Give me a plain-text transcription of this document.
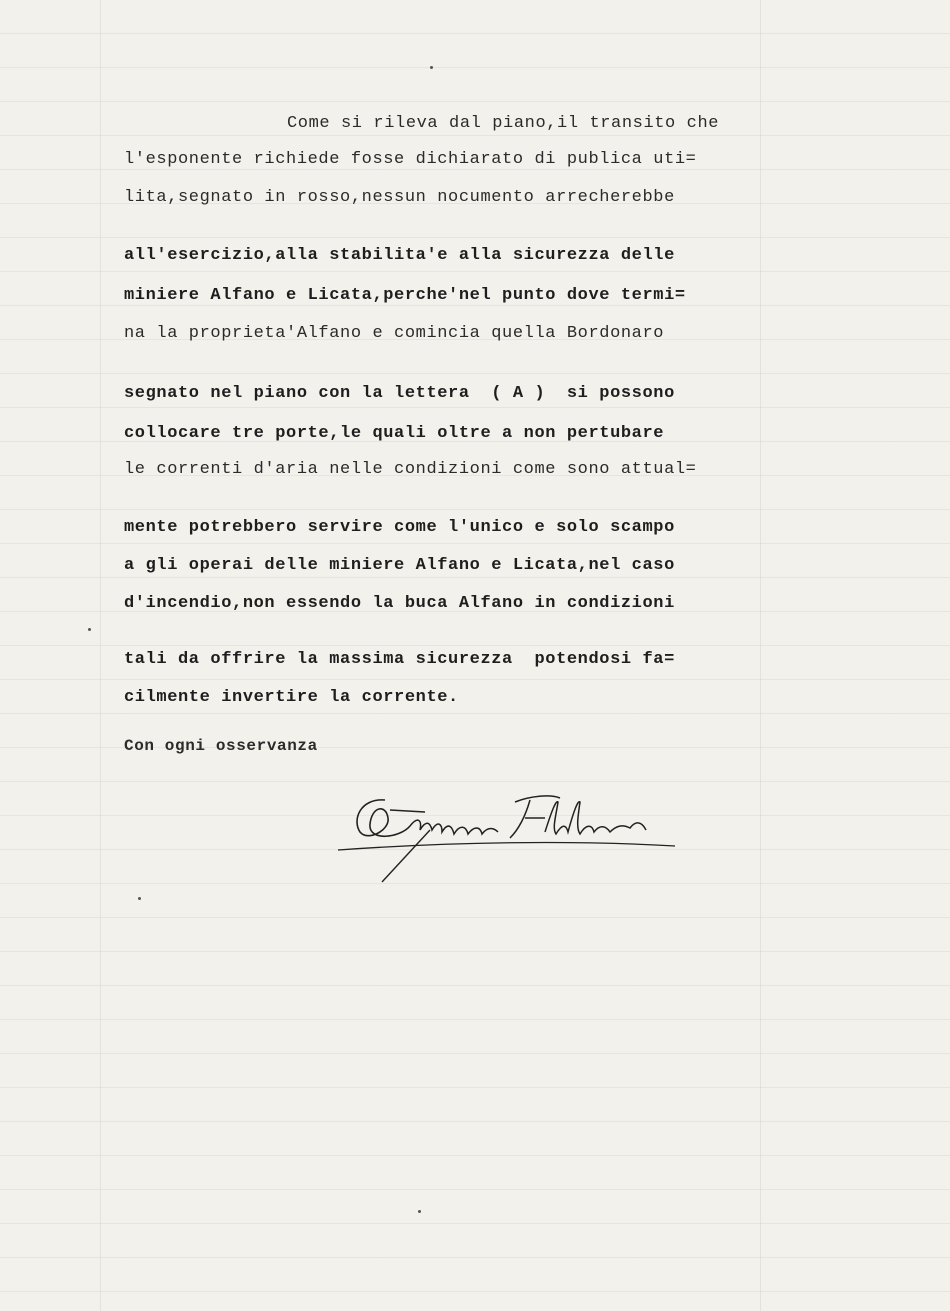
Come si rileva dal piano,il transito che
l'esponente richiede fosse dichiarato di publica uti=
lita,segnato in rosso,nessun nocumento arrecherebbe
all'esercizio,alla stabilita'e alla sicurezza delle
miniere Alfano e Licata,perche'nel punto dove termi=
na la proprieta'Alfano e comincia quella Bordonaro
segnato nel piano con la lettera  ( A )  si possono
collocare tre porte,le quali oltre a non pertubare
le correnti d'aria nelle condizioni come sono attual=
mente potrebbero servire come l'unico e solo scampo
a gli operai delle miniere Alfano e Licata,nel caso
d'incendio,non essendo la buca Alfano in condizioni
tali da offrire la massima sicurezza  potendosi fa=
cilmente invertire la corrente.
Con ogni osservanza
